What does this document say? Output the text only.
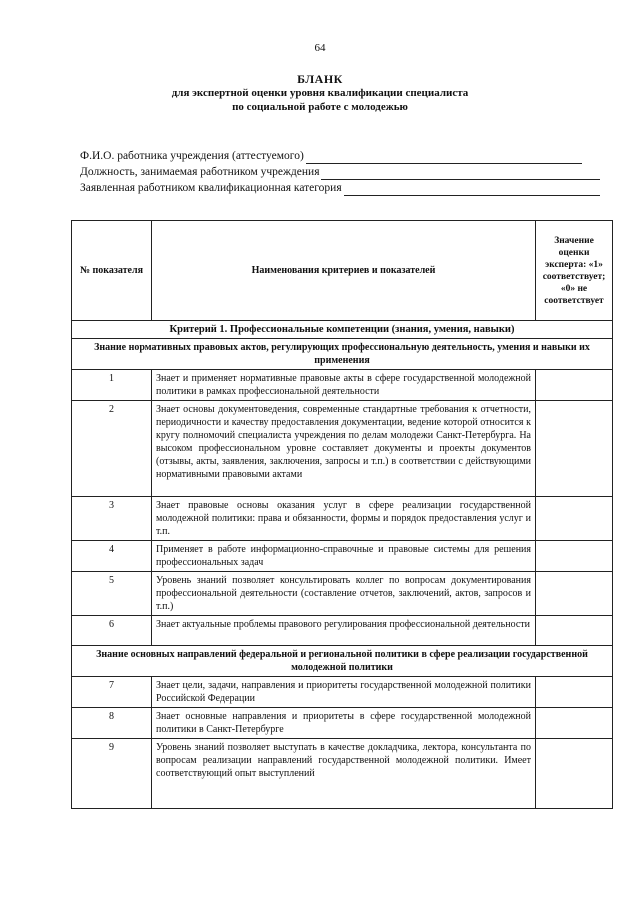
64
БЛАНК
для экспертной оценки уровня квалификации специалиста
по социальной работе с молодежью
Ф.И.О. работника учреждения (аттестуемого)
Должность, занимаемая работником учреждения
Заявленная работником квалификационная категория
№ показателя	Наименования критериев и показателей	Значение оценки эксперта: «1» соответствует; «0» не соответствует
Критерий 1. Профессиональные компетенции (знания, умения, навыки)		
Знание нормативных правовых актов, регулирующих профессиональную деятельность, умения и навыки их применения		
1	Знает и применяет нормативные правовые акты в сфере государственной молодежной политики в рамках профессиональной деятельности	
2	Знает основы документоведения, современные стандартные требования к отчетности, периодичности и качеству предоставления документации, ведение которой относится к кругу полномочий специалиста учреждения по делам молодежи Санкт-Петербурга. На высоком профессиональном уровне составляет документы и проекты документов (отзывы, акты, заявления, заключения, запросы и т.п.) в соответствии с действующими нормативными правовыми актами	
3	Знает правовые основы оказания услуг в сфере реализации государственной молодежной политики: права и обязанности, формы и порядок предоставления услуг и т.п.	
4	Применяет в работе информационно-справочные и правовые системы для решения профессиональных задач	
5	Уровень знаний позволяет консультировать коллег по вопросам документирования профессиональной деятельности (составление отчетов, заключений, актов, запросов и т.п.)	
6	Знает актуальные проблемы правового регулирования профессиональной деятельности	
Знание основных направлений федеральной и региональной политики в сфере реализации государственной молодежной политики		
7	Знает цели, задачи, направления и приоритеты государственной молодежной политики Российской Федерации	
8	Знает основные направления и приоритеты в сфере государственной молодежной политики в Санкт-Петербурге	
9	Уровень знаний позволяет выступать в качестве докладчика, лектора, консультанта по вопросам реализации направлений государственной молодежной политики. Имеет соответствующий опыт выступлений	
